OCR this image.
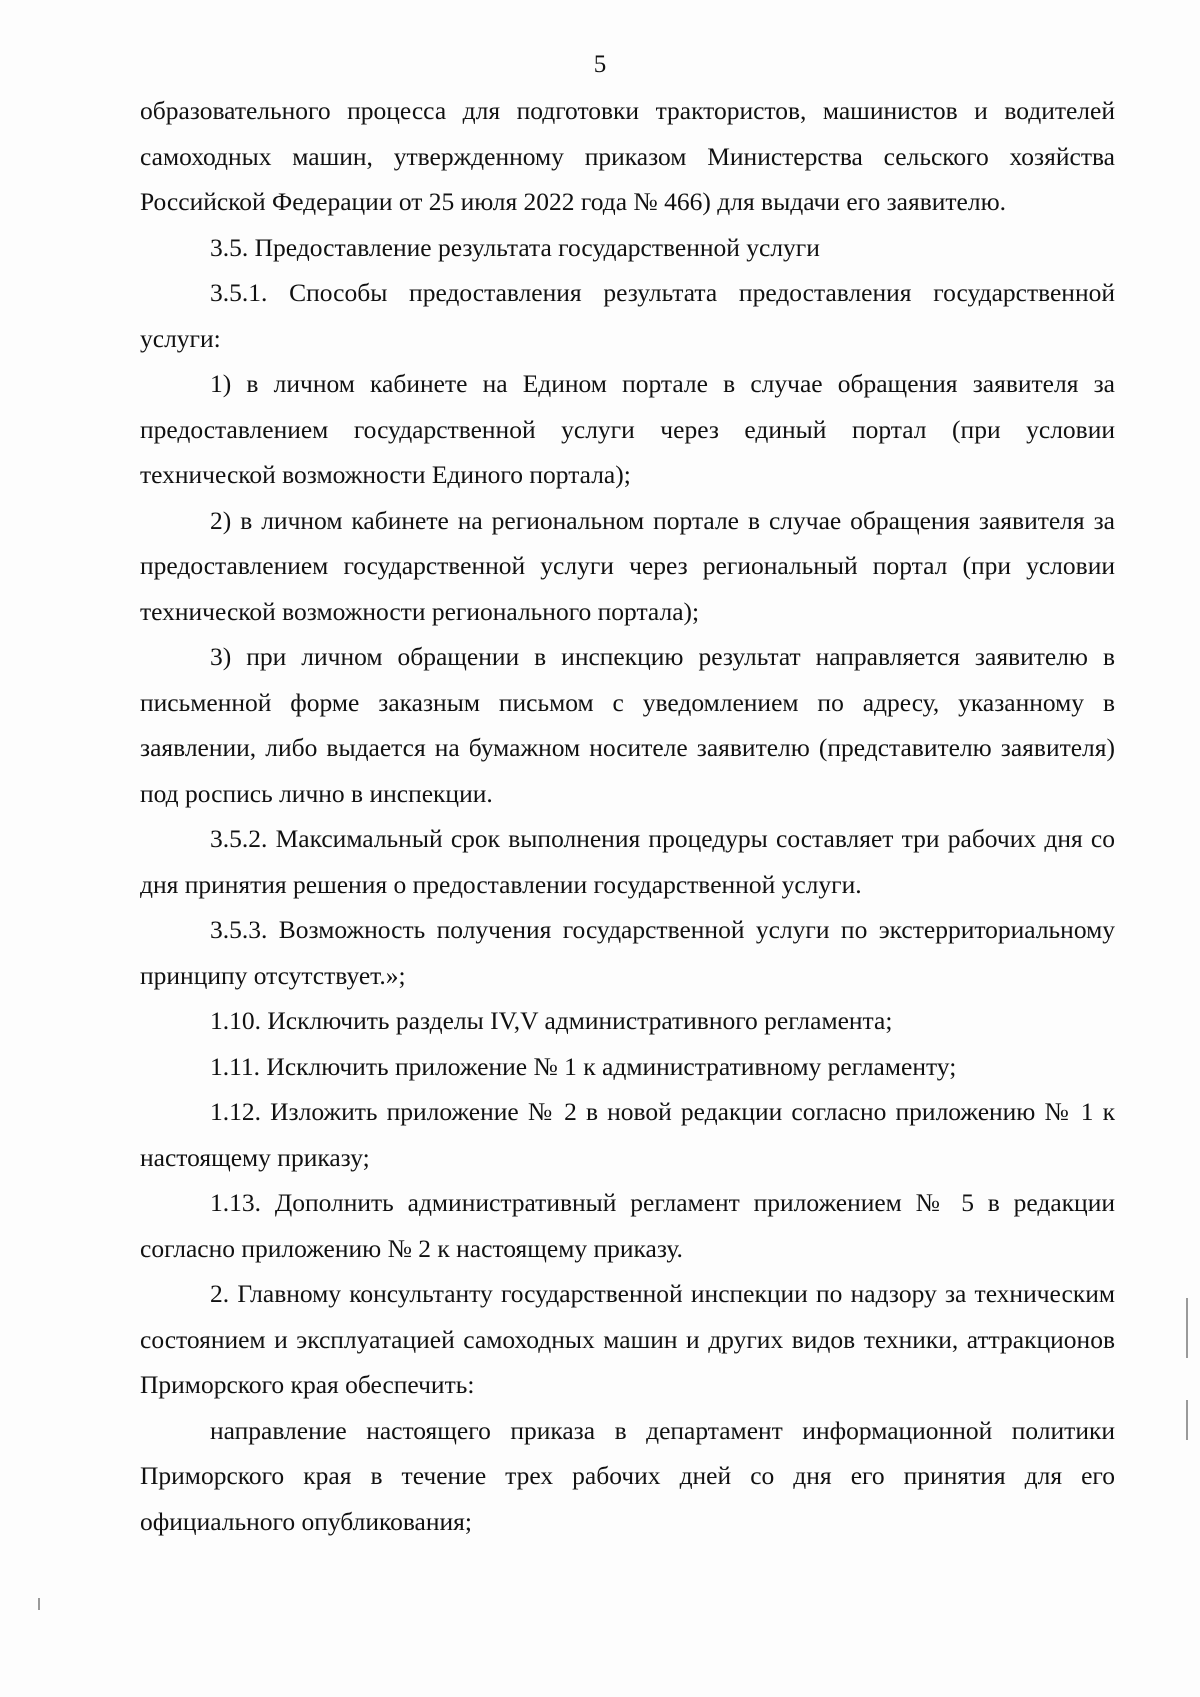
5

образовательного процесса для подготовки трактористов, машинистов и водителей самоходных машин, утвержденному приказом Министерства сельского хозяйства Российской Федерации от 25 июля 2022 года № 466) для выдачи его заявителю.

3.5. Предоставление результата государственной услуги

3.5.1. Способы предоставления результата предоставления государственной услуги:

1) в личном кабинете на Едином портале в случае обращения заявителя за предоставлением государственной услуги через единый портал (при условии технической возможности Единого портала);

2) в личном кабинете на региональном портале в случае обращения заявителя за предоставлением государственной услуги через региональный портал (при условии технической возможности регионального портала);

3) при личном обращении в инспекцию результат направляется заявителю в письменной форме заказным письмом с уведомлением по адресу, указанному в заявлении, либо выдается на бумажном носителе заявителю (представителю заявителя) под роспись лично в инспекции.

3.5.2. Максимальный срок выполнения процедуры составляет три рабочих дня со дня принятия решения о предоставлении государственной услуги.

3.5.3. Возможность получения государственной услуги по экстерриториальному принципу отсутствует.»;

1.10. Исключить разделы IV,V административного регламента;

1.11. Исключить приложение № 1 к административному регламенту;

1.12. Изложить приложение № 2 в новой редакции согласно приложению № 1 к настоящему приказу;

1.13. Дополнить административный регламент приложением № 5 в редакции согласно приложению № 2 к настоящему приказу.

2. Главному консультанту государственной инспекции по надзору за техническим состоянием и эксплуатацией самоходных машин и других видов техники, аттракционов Приморского края обеспечить:

направление настоящего приказа в департамент информационной политики Приморского края в течение трех рабочих дней со дня его принятия для его официального опубликования;
